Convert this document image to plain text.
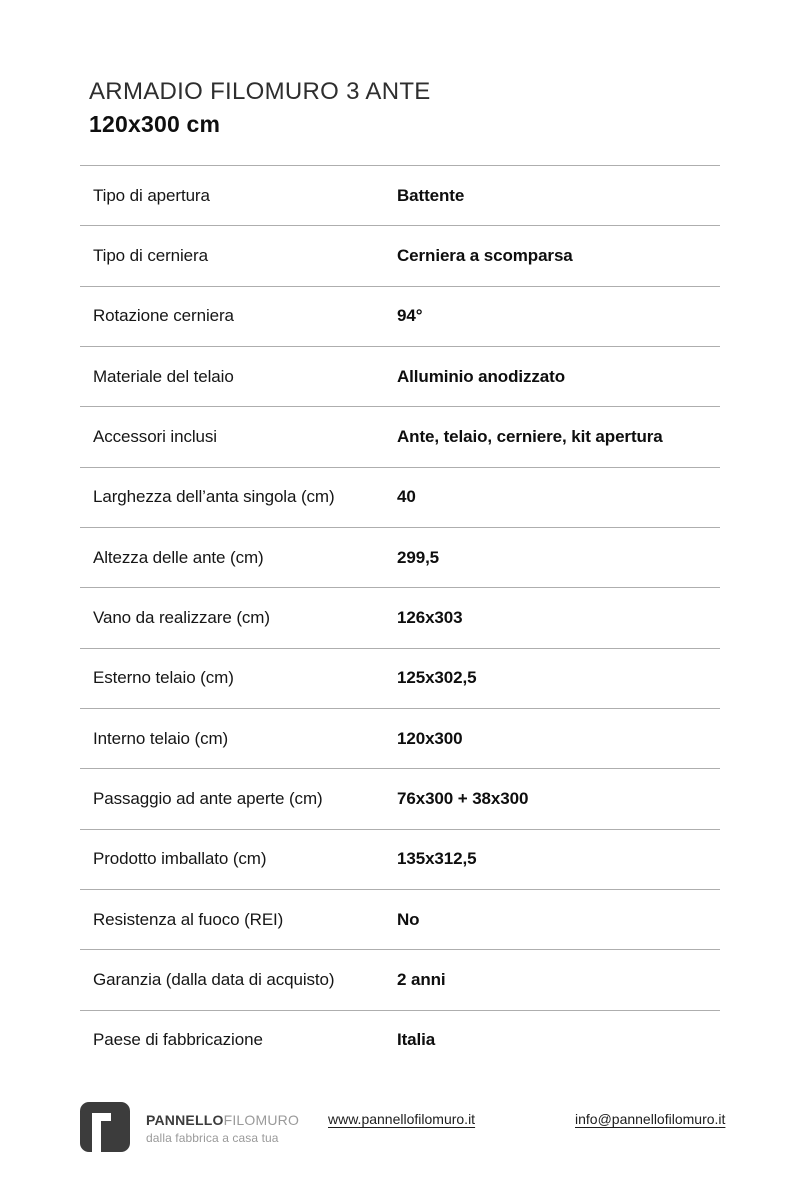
ARMADIO FILOMURO 3 ANTE
120x300 cm
Tipo di apertura	Battente
Tipo di cerniera	Cerniera a scomparsa
Rotazione cerniera	94°
Materiale del telaio	Alluminio anodizzato
Accessori inclusi	Ante, telaio, cerniere, kit apertura
Larghezza dell’anta singola (cm)	40
Altezza delle ante (cm)	299,5
Vano da realizzare (cm)	126x303
Esterno telaio (cm)	125x302,5
Interno telaio (cm)	120x300
Passaggio ad ante aperte (cm)	76x300 + 38x300
Prodotto imballato (cm)	135x312,5
Resistenza al fuoco (REI)	No
Garanzia (dalla data di acquisto)	2 anni
Paese di fabbricazione	Italia
PANNELLOFILOMURO
dalla fabbrica a casa tua
www.pannellofilomuro.it	info@pannellofilomuro.it
